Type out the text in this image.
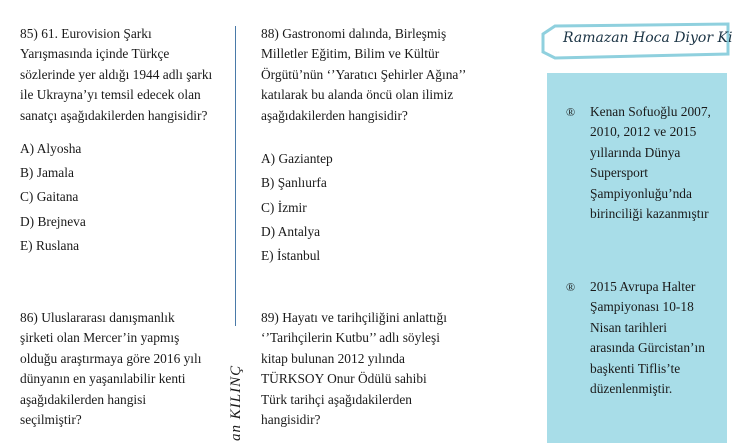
85) 61. Eurovision Şarkı

Yarışmasında içinde Türkçe

sözlerinde yer aldığı 1944 adlı şarkı

ile Ukrayna’yı temsil edecek olan

sanatçı aşağıdakilerden hangisidir?

A) Alyosha
B) Jamala
C) Gaitana
D) Brejneva
E) Ruslana

88) Gastronomi dalında, Birleşmiş

Milletler Eğitim, Bilim ve Kültür

Örgütü’nün ‘’Yaratıcı Şehirler Ağına’’

katılarak bu alanda öncü olan ilimiz

aşağıdakilerden hangisidir?

A) Gaziantep
B) Şanlıurfa
C) İzmir
D) Antalya
E) İstanbul

86) Uluslararası danışmanlık

şirketi olan Mercer’in yapmış

olduğu araştırmaya göre 2016 yılı

dünyanın en yaşanılabilir kenti

aşağıdakilerden hangisi

seçilmiştir?	an KILINÇ

89) Hayatı ve tarihçiliğini anlattığı

‘’Tarihçilerin Kutbu’’ adlı söyleşi

kitap bulunan 2012 yılında

TÜRKSOY Onur Ödülü sahibi

Türk tarihçi aşağıdakilerden

hangisidir?

Ramazan Hoca Diyor Ki
® Kenan Sofuoğlu 2007,
2010, 2012 ve 2015
yıllarında Dünya
Supersport
Şampiyonluğu’nda
birinciliği kazanmıştır
® 2015 Avrupa Halter
Şampiyonası 10-18
Nisan tarihleri
arasında Gürcistan’ın
başkenti Tiflis’te
düzenlenmiştir.
